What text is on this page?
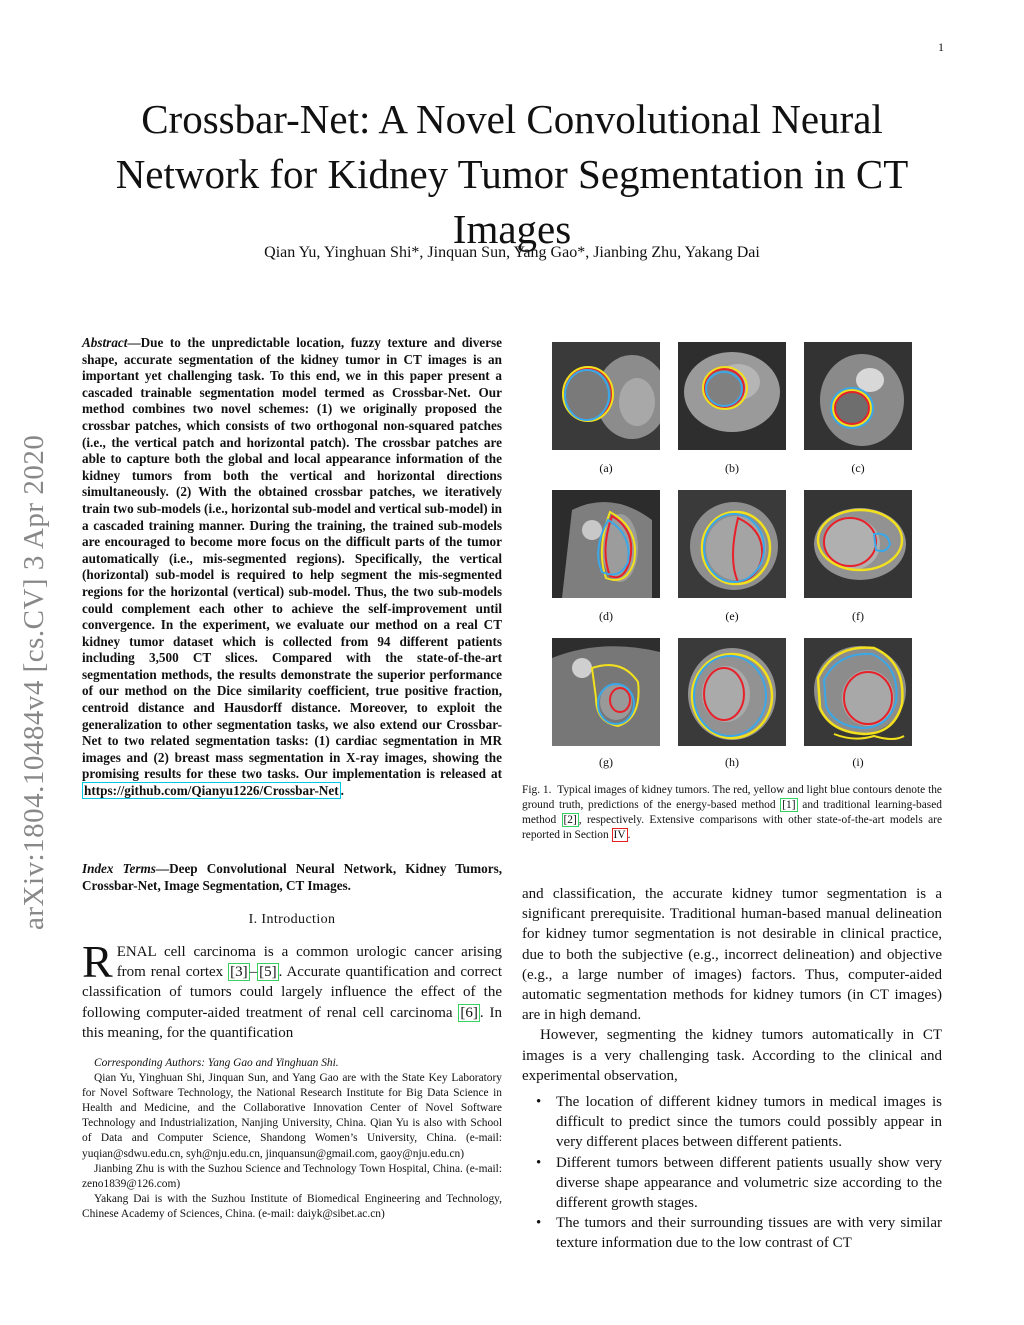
1
arXiv:1804.10484v4 [cs.CV] 3 Apr 2020
Crossbar-Net: A Novel Convolutional Neural Network for Kidney Tumor Segmentation in CT Images
Qian Yu, Yinghuan Shi*, Jinquan Sun, Yang Gao*, Jianbing Zhu, Yakang Dai
Abstract—Due to the unpredictable location, fuzzy texture and diverse shape, accurate segmentation of the kidney tumor in CT images is an important yet challenging task. To this end, we in this paper present a cascaded trainable segmentation model termed as Crossbar-Net. Our method combines two novel schemes: (1) we originally proposed the crossbar patches, which consists of two orthogonal non-squared patches (i.e., the vertical patch and horizontal patch). The crossbar patches are able to capture both the global and local appearance information of the kidney tumors from both the vertical and horizontal directions simultaneously. (2) With the obtained crossbar patches, we iteratively train two sub-models (i.e., horizontal sub-model and vertical sub-model) in a cascaded training manner. During the training, the trained sub-models are encouraged to become more focus on the difficult parts of the tumor automatically (i.e., mis-segmented regions). Specifically, the vertical (horizontal) sub-model is required to help segment the mis-segmented regions for the horizontal (vertical) sub-model. Thus, the two sub-models could complement each other to achieve the self-improvement until convergence. In the experiment, we evaluate our method on a real CT kidney tumor dataset which is collected from 94 different patients including 3,500 CT slices. Compared with the state-of-the-art segmentation methods, the results demonstrate the superior performance of our method on the Dice similarity coefficient, true positive fraction, centroid distance and Hausdorff distance. Moreover, to exploit the generalization to other segmentation tasks, we also extend our Crossbar-Net to two related segmentation tasks: (1) cardiac segmentation in MR images and (2) breast mass segmentation in X-ray images, showing the promising results for these two tasks. Our implementation is released at https://github.com/Qianyu1226/Crossbar-Net .
Index Terms—Deep Convolutional Neural Network, Kidney Tumors, Crossbar-Net, Image Segmentation, CT Images.
I. Introduction
RENAL cell carcinoma is a common urologic cancer arising from renal cortex [3] – [5] . Accurate quantification and correct classification of tumors could largely influence the effect of the following computer-aided treatment of renal cell carcinoma [6] . In this meaning, for the quantification

Corresponding Authors: Yang Gao and Yinghuan Shi.

Qian Yu, Yinghuan Shi, Jinquan Sun, and Yang Gao are with the State Key Laboratory for Novel Software Technology, the National Research Institute for Big Data Science in Health and Medicine, and the Collaborative Innovation Center of Novel Software Technology and Industrialization, Nanjing University, China. Qian Yu is also with School of Data and Computer Science, Shandong Women’s University, China. (e-mail: yuqian@sdwu.edu.cn, syh@nju.edu.cn, jinquansun@gmail.com, gaoy@nju.edu.cn)

Jianbing Zhu is with the Suzhou Science and Technology Town Hospital, China. (e-mail: zeno1839@126.com)

Yakang Dai is with the Suzhou Institute of Biomedical Engineering and Technology, Chinese Academy of Sciences, China. (e-mail: daiyk@sibet.ac.cn)

(a)	(b)	(c)
(d)	(e)	(f)
(g)	(h)	(i)
Fig. 1. Typical images of kidney tumors. The red, yellow and light blue contours denote the ground truth, predictions of the energy-based method [1] and traditional learning-based method [2] , respectively. Extensive comparisons with other state-of-the-art models are reported in Section IV .

and classification, the accurate kidney tumor segmentation is a significant prerequisite. Traditional human-based manual delineation for kidney tumor segmentation is not desirable in clinical practice, due to both the subjective (e.g., incorrect delineation) and objective (e.g., a large number of images) factors. Thus, computer-aided automatic segmentation methods for kidney tumors (in CT images) are in high demand.

However, segmenting the kidney tumors automatically in CT images is a very challenging task. According to the clinical and experimental observation,

• The location of different kidney tumors in medical images is difficult to predict since the tumors could possibly appear in very different places between different patients.
• Different tumors between different patients usually show very diverse shape appearance and volumetric size according to the different growth stages.
• The tumors and their surrounding tissues are with very similar texture information due to the low contrast of CT
